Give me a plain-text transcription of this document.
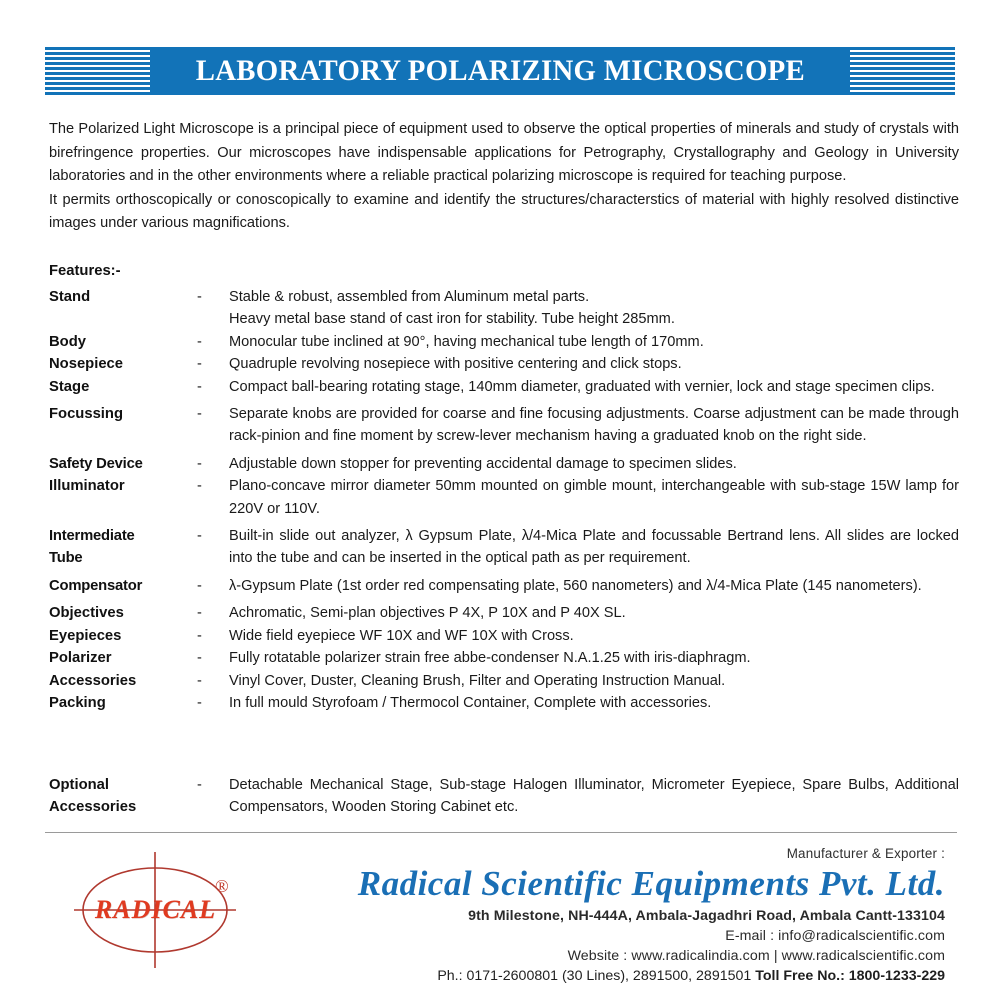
LABORATORY POLARIZING MICROSCOPE

The Polarized Light Microscope is a principal piece of equipment used to observe the optical properties of minerals and study of crystals with birefringence properties. Our microscopes have indispensable applications for Petrography, Crystallography and Geology in University laboratories and in the other environments where a reliable practical polarizing microscope is required for teaching purpose.

It permits orthoscopically or conoscopically to examine and identify the structures/characterstics of material with highly resolved distinctive images under various magnifications.

Features:-
Stand	-	Stable & robust, assembled from Aluminum metal parts.
Heavy metal base stand of cast iron for stability. Tube height 285mm.
Body	-	Monocular tube inclined at 90°, having mechanical tube length of 170mm.
Nosepiece	-	Quadruple revolving nosepiece with positive centering and click stops.
Stage	-	Compact ball-bearing rotating stage, 140mm diameter, graduated with vernier, lock and stage specimen clips.
Focussing	-	Separate knobs are provided for coarse and fine focusing adjustments. Coarse adjustment can be made through rack-pinion and fine moment by screw-lever mechanism having a graduated knob on the right side.
Safety Device	-	Adjustable down stopper for preventing accidental damage to specimen slides.
Illuminator	-	Plano-concave mirror diameter 50mm mounted on gimble mount, interchangeable with sub-stage 15W lamp for 220V or 110V.
Intermediate
Tube
-	Built-in slide out analyzer, λ Gypsum Plate, λ/4-Mica Plate and focussable Bertrand lens. All slides are locked into the tube and can be inserted in the optical path as per requirement.
Compensator	-	λ-Gypsum Plate (1st order red compensating plate, 560 nanometers) and λ/4-Mica Plate (145 nanometers).
Objectives	-	Achromatic, Semi-plan objectives P 4X, P 10X and P 40X SL.
Eyepieces	-	Wide field eyepiece WF 10X and WF 10X with Cross.
Polarizer	-	Fully rotatable polarizer strain free abbe-condenser N.A.1.25 with iris-diaphragm.
Accessories	-	Vinyl Cover, Duster, Cleaning Brush, Filter and Operating Instruction Manual.
Packing	-	In full mould Styrofoam / Thermocol Container, Complete with accessories.
Optional
Accessories
-	Detachable Mechanical Stage, Sub-stage Halogen Illuminator, Micrometer Eyepiece, Spare Bulbs, Additional Compensators, Wooden Storing Cabinet etc.
RADICAL
®
Manufacturer & Exporter :
Radical Scientific Equipments Pvt. Ltd.
9th Milestone, NH-444A, Ambala-Jagadhri Road, Ambala Cantt-133104
E-mail : info@radicalscientific.com
Website : www.radicalindia.com | www.radicalscientific.com
Ph.: 0171-2600801 (30 Lines), 2891500, 2891501 Toll Free No.: 1800-1233-229
